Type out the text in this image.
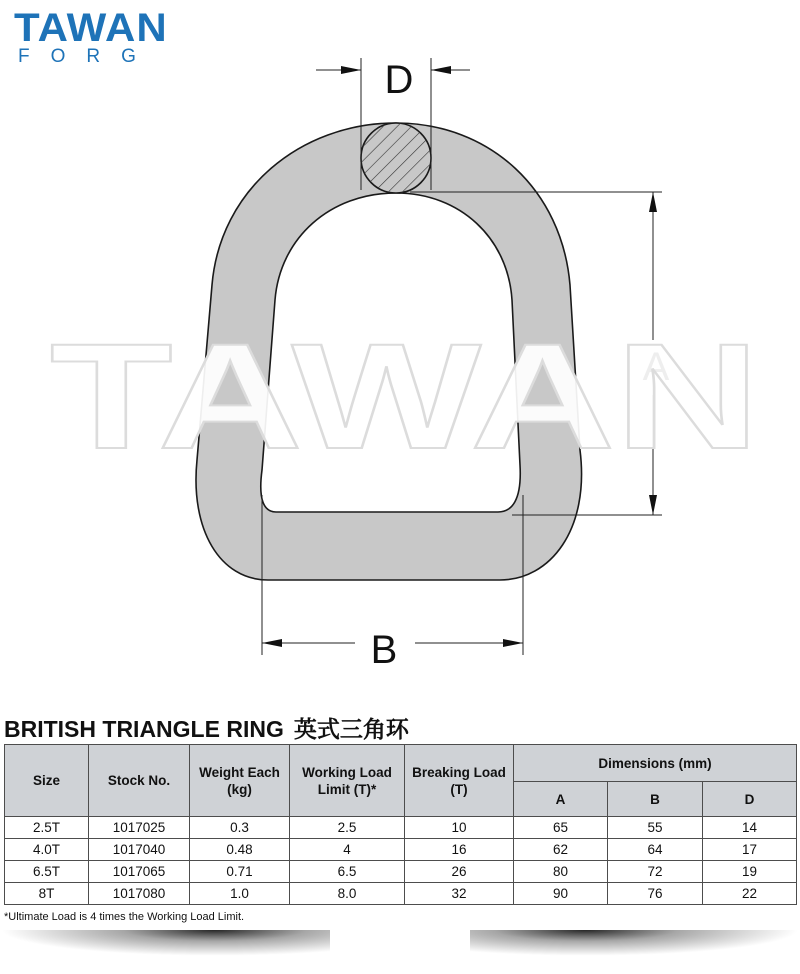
TAWAN
FORG
D
A
B
TAWAN
BRITISH TRIANGLE RING 英式三角环
Size	Stock No.	Weight Each (kg)	Working Load Limit (T)*	Breaking Load (T)	Dimensions (mm)		
					A	B	D
2.5T	1017025	0.3	2.5	10	65	55	14
4.0T	1017040	0.48	4	16	62	64	17
6.5T	1017065	0.71	6.5	26	80	72	19
8T	1017080	1.0	8.0	32	90	76	22
*Ultimate Load is 4 times the Working Load Limit.
